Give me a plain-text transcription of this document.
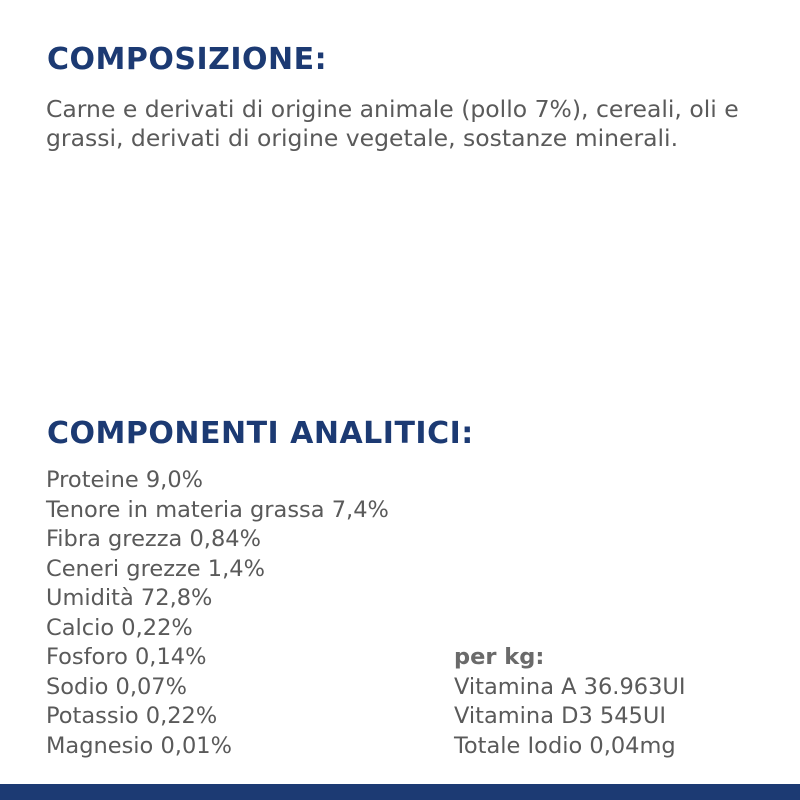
COMPOSIZIONE:

Carne e derivati di origine animale (pollo 7%), cereali, oli e grassi, derivati di origine vegetale, sostanze minerali.

COMPONENTI ANALITICI:
Proteine 9,0%
Tenore in materia grassa 7,4%
Fibra grezza 0,84%
Ceneri grezze 1,4%
Umidità 72,8%
Calcio 0,22%
Fosforo 0,14%
Sodio 0,07%
Potassio 0,22%
Magnesio 0,01%
per kg:
Vitamina A 36.963UI
Vitamina D3 545UI
Totale Iodio 0,04mg
